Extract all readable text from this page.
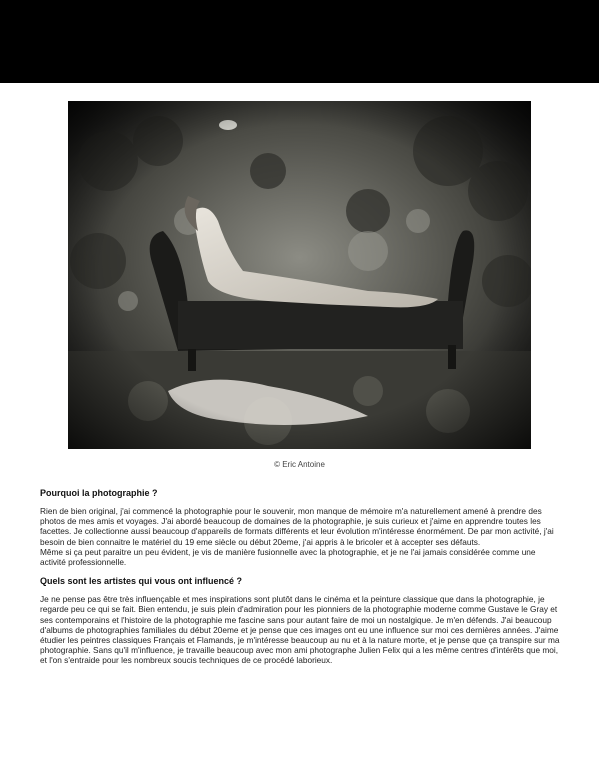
© Eric Antoine
Pourquoi la photographie ?

Rien de bien original, j'ai commencé la photographie pour le souvenir, mon manque de mémoire m'a naturellement amené à prendre des photos de mes amis et voyages. J'ai abordé beaucoup de domaines de la photographie, je suis curieux et j'aime en apprendre toutes les facettes. Je collectionne aussi beaucoup d'appareils de formats différents et leur évolution m'intéresse énormément. De par mon activité, j'ai besoin de bien connaitre le matériel du 19 eme siècle ou début 20eme, j'ai appris à le bricoler et à accepter ses défauts.
Même si ça peut paraitre un peu évident, je vis de manière fusionnelle avec la photographie, et je ne l'ai jamais considérée comme une activité professionnelle.

Quels sont les artistes qui vous ont influencé ?

Je ne pense pas être très influençable et mes inspirations sont plutôt dans le cinéma et la peinture classique que dans la photographie, je regarde peu ce qui se fait. Bien entendu, je suis plein d'admiration pour les pionniers de la photographie moderne comme Gustave le Gray et ses contemporains et l'histoire de la photographie me fascine sans pour autant faire de moi un nostalgique. Je m'en défends. J'ai beaucoup d'albums de photographies familiales du début 20eme et je pense que ces images ont eu une influence sur moi ces dernières années. J'aime étudier les peintres classiques Français et Flamands, je m'intéresse beaucoup au nu et à la nature morte, et je pense que ça transpire sur ma photographie. Sans qu'il m'influence, je travaille beaucoup avec mon ami photographe Julien Felix qui a les même centres d'intérêts que moi, et l'on s'entraide pour les nombreux soucis techniques de ce procédé laborieux.
